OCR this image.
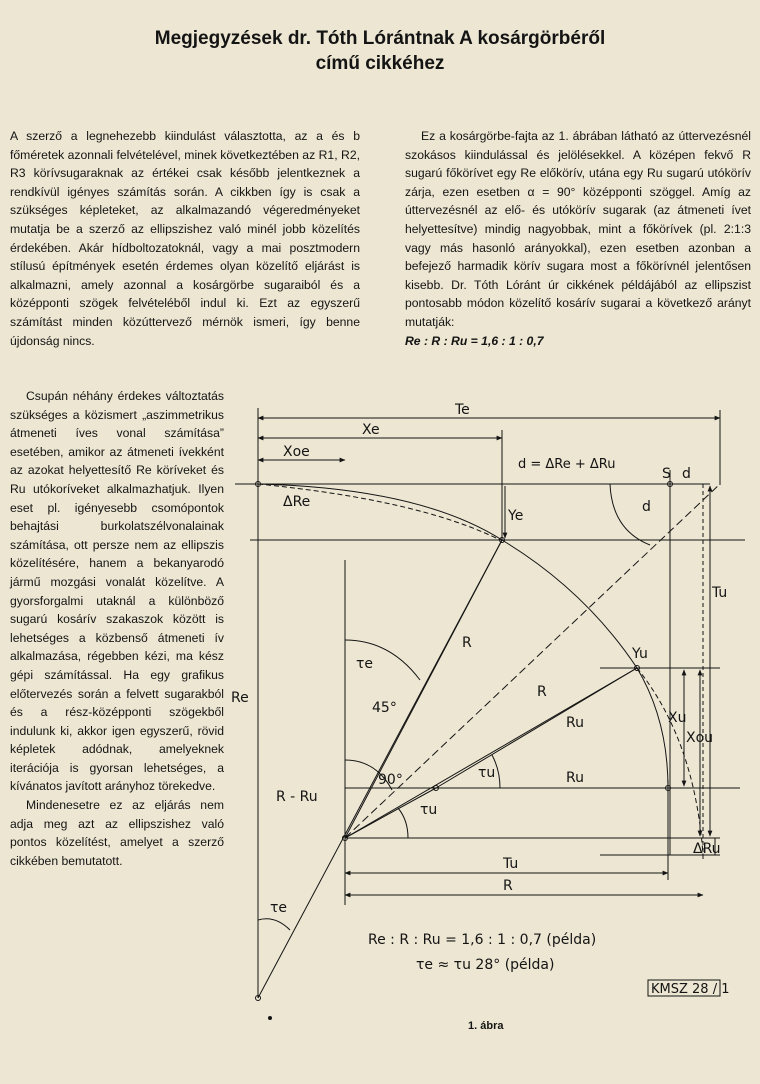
Megjegyzések dr. Tóth Lórántnak A kosárgörbéről
című cikkéhez

A szerző a legnehezebb kiindulást választotta, az a és b főméretek azonnali felvételével, minek következtében az R1, R2, R3 körívsugaraknak az értékei csak később jelentkeznek a rendkívül igényes számítás során. A cikkben így is csak a szükséges képleteket, az alkalmazandó végeredményeket mutatja be a szerző az ellipszishez való minél jobb közelítés érdekében. Akár hídboltozatoknál, vagy a mai posztmodern stílusú építmények esetén érdemes olyan közelítő eljárást is alkalmazni, amely azonnal a kosárgörbe sugaraiból és a középponti szögek felvételéből indul ki. Ezt az egyszerű számítást minden közúttervező mérnök ismeri, így benne újdonság nincs.

Csupán néhány érdekes változtatás szükséges a közismert „aszimmetrikus átmeneti íves vonal számítása” esetében, amikor az átmeneti ívekként az azokat helyettesítő Re köríveket és Ru utókoríveket alkalmazhatjuk. Ilyen eset pl. igényesebb csomópontok behajtási burkolatszélvonalainak számítása, ott persze nem az ellipszis közelítésére, hanem a bekanyarodó jármű mozgási vonalát közelítve. A gyorsforgalmi utaknál a különböző sugarú kosárív szakaszok között is lehetséges a közbenső átmeneti ív alkalmazása, régebben kézi, ma kész gépi számítással. Ha egy grafikus előtervezés során a felvett sugarakból és a rész-középponti szögekből indulunk ki, akkor igen egyszerű, rövid képletek adódnak, amelyeknek iterációja is gyorsan lehetséges, a kívánatos javított arányhoz törekedve.

Mindenesetre ez az eljárás nem adja meg azt az ellipszishez való pontos közelítést, amelyet a szerző cikkében bemutatott.

Ez a kosárgörbe-fajta az 1. ábrában látható az úttervezésnél szokásos kiindulással és jelölésekkel. A középen fekvő R sugarú főkörívet egy Re előkörív, utána egy Ru sugarú utókörív zárja, ezen esetben α = 90° középponti szöggel. Amíg az úttervezésnél az elő- és utókörív sugarak (az átmeneti ívet helyettesítve) mindig nagyobbak, mint a főkörívek (pl. 2:1:3 vagy más hasonló arányokkal), ezen esetben azonban a befejező harmadik körív sugara most a főkörívnél jelentősen kisebb. Dr. Tóth Lóránt úr cikkének példájából az ellipszist pontosabb módon közelítő kosárív sugarai a következő arányt mutatják:

Re : R : Ru = 1,6 : 1 : 0,7

Te
Xe
Xoe
ΔRe
Ye
d = ΔRe + ΔRu
S d
d
Tu
R
R
Ru
Ru
Yu
Xu
Xou
τe
45°
90°	τu
τu
R - Ru
ΔRu
Tu
R
Re
τe
Re : R : Ru = 1,6 : 1 : 0,7 (példa)
τe ≈ τu 28° (példa)
KMSZ 28 / 1
1. ábra
